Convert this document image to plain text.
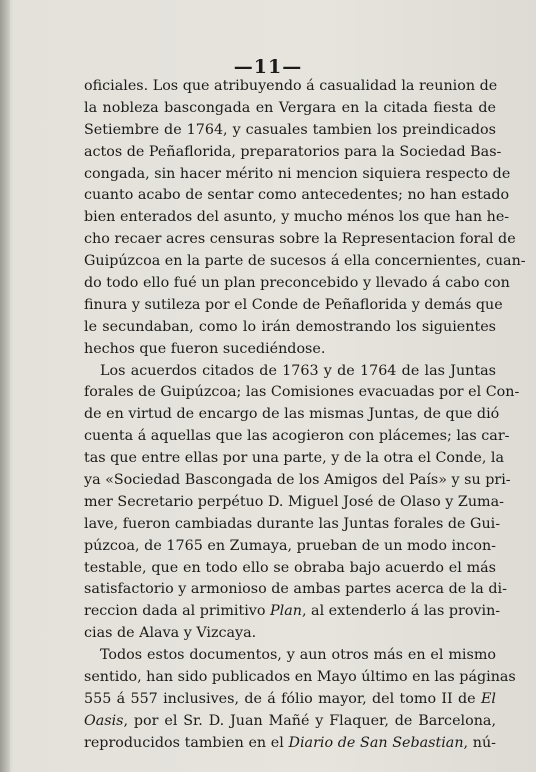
—11—
oficiales. Los que atribuyendo á casualidad la reunion de
la nobleza bascongada en Vergara en la citada fiesta de
Setiembre de 1764, y casuales tambien los preindicados
actos de Peñaflorida, preparatorios para la Sociedad Bas-
congada, sin hacer mérito ni mencion siquiera respecto de
cuanto acabo de sentar como antecedentes; no han estado
bien enterados del asunto, y mucho ménos los que han he-
cho recaer acres censuras sobre la Representacion foral de
Guipúzcoa en la parte de sucesos á ella concernientes, cuan-
do todo ello fué un plan preconcebido y llevado á cabo con
finura y sutileza por el Conde de Peñaflorida y demás que
le secundaban, como lo irán demostrando los siguientes
hechos que fueron sucediéndose.
Los acuerdos citados de 1763 y de 1764 de las Juntas
forales de Guipúzcoa; las Comisiones evacuadas por el Con-
de en virtud de encargo de las mismas Juntas, de que dió
cuenta á aquellas que las acogieron con plácemes; las car-
tas que entre ellas por una parte, y de la otra el Conde, la
ya «Sociedad Bascongada de los Amigos del País» y su pri-
mer Secretario perpétuo D. Miguel José de Olaso y Zuma-
lave, fueron cambiadas durante las Juntas forales de Gui-
púzcoa, de 1765 en Zumaya, prueban de un modo incon-
testable, que en todo ello se obraba bajo acuerdo el más
satisfactorio y armonioso de ambas partes acerca de la di-
reccion dada al primitivo Plan, al extenderlo á las provin-
cias de Alava y Vizcaya.
Todos estos documentos, y aun otros más en el mismo
sentido, han sido publicados en Mayo último en las páginas
555 á 557 inclusives, de á fólio mayor, del tomo II de El
Oasis, por el Sr. D. Juan Mañé y Flaquer, de Barcelona,
reproducidos tambien en el Diario de San Sebastian, nú-
